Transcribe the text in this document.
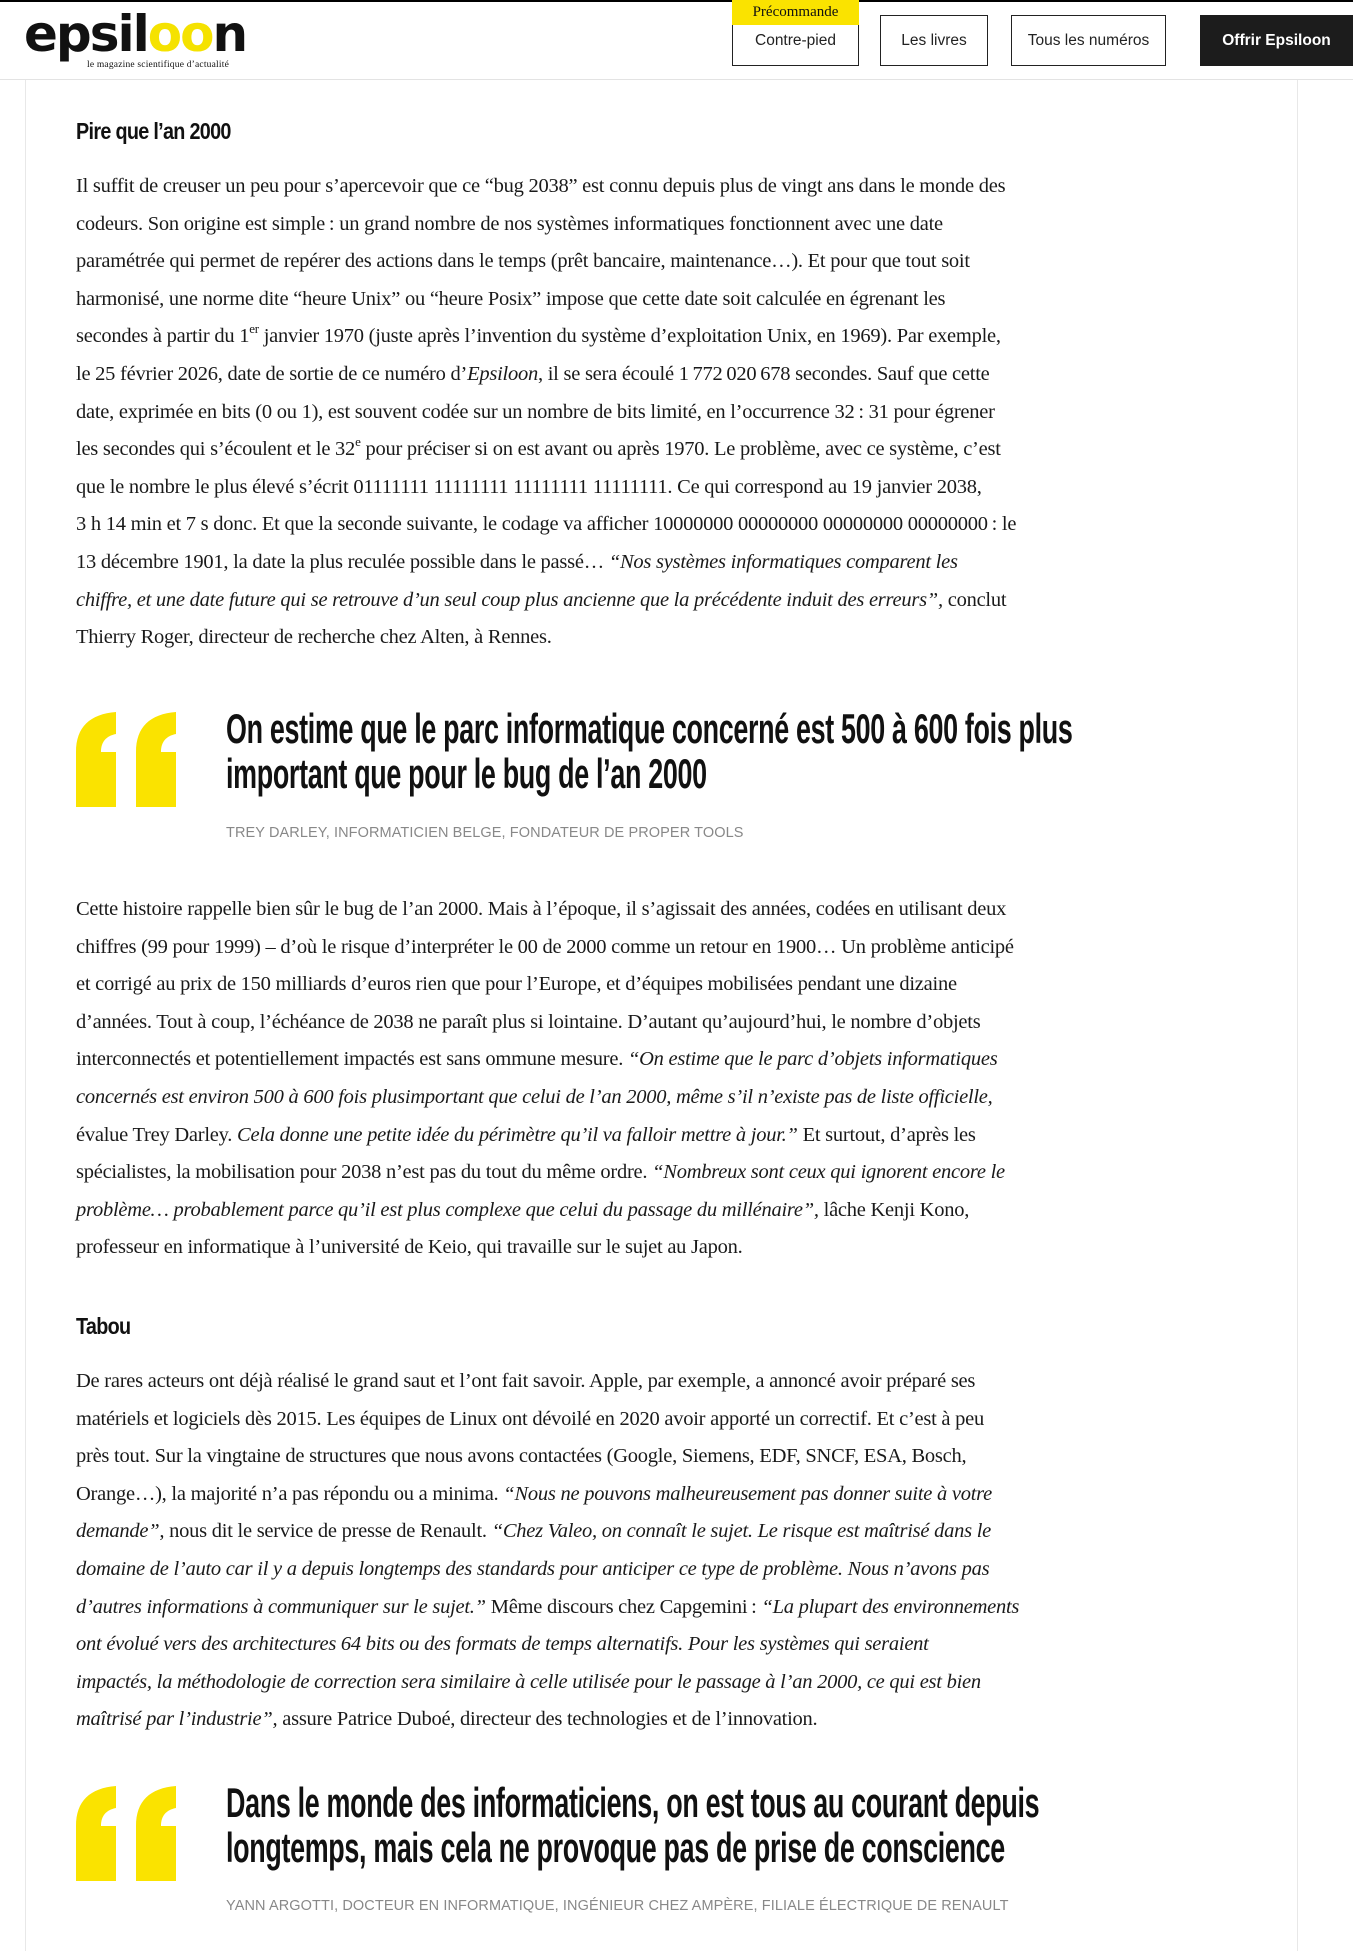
epsiloon
le magazine scientifique d’actualité
Contre-pied	Les livres	Tous les numéros	Offrir Epsiloon
Précommande
Pire que l’an 2000
Il suffit de creuser un peu pour s’apercevoir que ce “bug 2038” est connu depuis plus de vingt ans dans le monde des
codeurs. Son origine est simple : un grand nombre de nos systèmes informatiques fonctionnent avec une date
paramétrée qui permet de repérer des actions dans le temps (prêt bancaire, maintenance…). Et pour que tout soit
harmonisé, une norme dite “heure Unix” ou “heure Posix” impose que cette date soit calculée en égrenant les
secondes à partir du 1er janvier 1970 (juste après l’invention du système d’exploitation Unix, en 1969). Par exemple,
le 25 février 2026, date de sortie de ce numéro d’Epsiloon, il se sera écoulé 1 772 020 678 secondes. Sauf que cette
date, exprimée en bits (0 ou 1), est souvent codée sur un nombre de bits limité, en l’occurrence 32 : 31 pour égrener
les secondes qui s’écoulent et le 32e pour préciser si on est avant ou après 1970. Le problème, avec ce système, c’est
que le nombre le plus élevé s’écrit 01111111 11111111 11111111 11111111. Ce qui correspond au 19 janvier 2038,
3 h 14 min et 7 s donc. Et que la seconde suivante, le codage va afficher 10000000 00000000 00000000 00000000 : le
13 décembre 1901, la date la plus reculée possible dans le passé… “Nos systèmes informatiques comparent les
chiffre, et une date future qui se retrouve d’un seul coup plus ancienne que la précédente induit des erreurs”, conclut
Thierry Roger, directeur de recherche chez Alten, à Rennes.
On estime que le parc informatique concerné est 500 à 600 fois plus
important que pour le bug de l’an 2000
TREY DARLEY, INFORMATICIEN BELGE, FONDATEUR DE PROPER TOOLS
Cette histoire rappelle bien sûr le bug de l’an 2000. Mais à l’époque, il s’agissait des années, codées en utilisant deux
chiffres (99 pour 1999) – d’où le risque d’interpréter le 00 de 2000 comme un retour en 1900… Un problème anticipé
et corrigé au prix de 150 milliards d’euros rien que pour l’Europe, et d’équipes mobilisées pendant une dizaine
d’années. Tout à coup, l’échéance de 2038 ne paraît plus si lointaine. D’autant qu’aujourd’hui, le nombre d’objets
interconnectés et potentiellement impactés est sans ommune mesure. “On estime que le parc d’objets informatiques
concernés est environ 500 à 600 fois plusimportant que celui de l’an 2000, même s’il n’existe pas de liste officielle,
évalue Trey Darley. Cela donne une petite idée du périmètre qu’il va falloir mettre à jour.” Et surtout, d’après les
spécialistes, la mobilisation pour 2038 n’est pas du tout du même ordre. “Nombreux sont ceux qui ignorent encore le
problème… probablement parce qu’il est plus complexe que celui du passage du millénaire”, lâche Kenji Kono,
professeur en informatique à l’université de Keio, qui travaille sur le sujet au Japon.
Tabou
De rares acteurs ont déjà réalisé le grand saut et l’ont fait savoir. Apple, par exemple, a annoncé avoir préparé ses
matériels et logiciels dès 2015. Les équipes de Linux ont dévoilé en 2020 avoir apporté un correctif. Et c’est à peu
près tout. Sur la vingtaine de structures que nous avons contactées (Google, Siemens, EDF, SNCF, ESA, Bosch,
Orange…), la majorité n’a pas répondu ou a minima. “Nous ne pouvons malheureusement pas donner suite à votre
demande”, nous dit le service de presse de Renault. “Chez Valeo, on connaît le sujet. Le risque est maîtrisé dans le
domaine de l’auto car il y a depuis longtemps des standards pour anticiper ce type de problème. Nous n’avons pas
d’autres informations à communiquer sur le sujet.” Même discours chez Capgemini : “La plupart des environnements
ont évolué vers des architectures 64 bits ou des formats de temps alternatifs. Pour les systèmes qui seraient
impactés, la méthodologie de correction sera similaire à celle utilisée pour le passage à l’an 2000, ce qui est bien
maîtrisé par l’industrie”, assure Patrice Duboé, directeur des technologies et de l’innovation.
Dans le monde des informaticiens, on est tous au courant depuis
longtemps, mais cela ne provoque pas de prise de conscience
YANN ARGOTTI, DOCTEUR EN INFORMATIQUE, INGÉNIEUR CHEZ AMPÈRE, FILIALE ÉLECTRIQUE DE RENAULT
